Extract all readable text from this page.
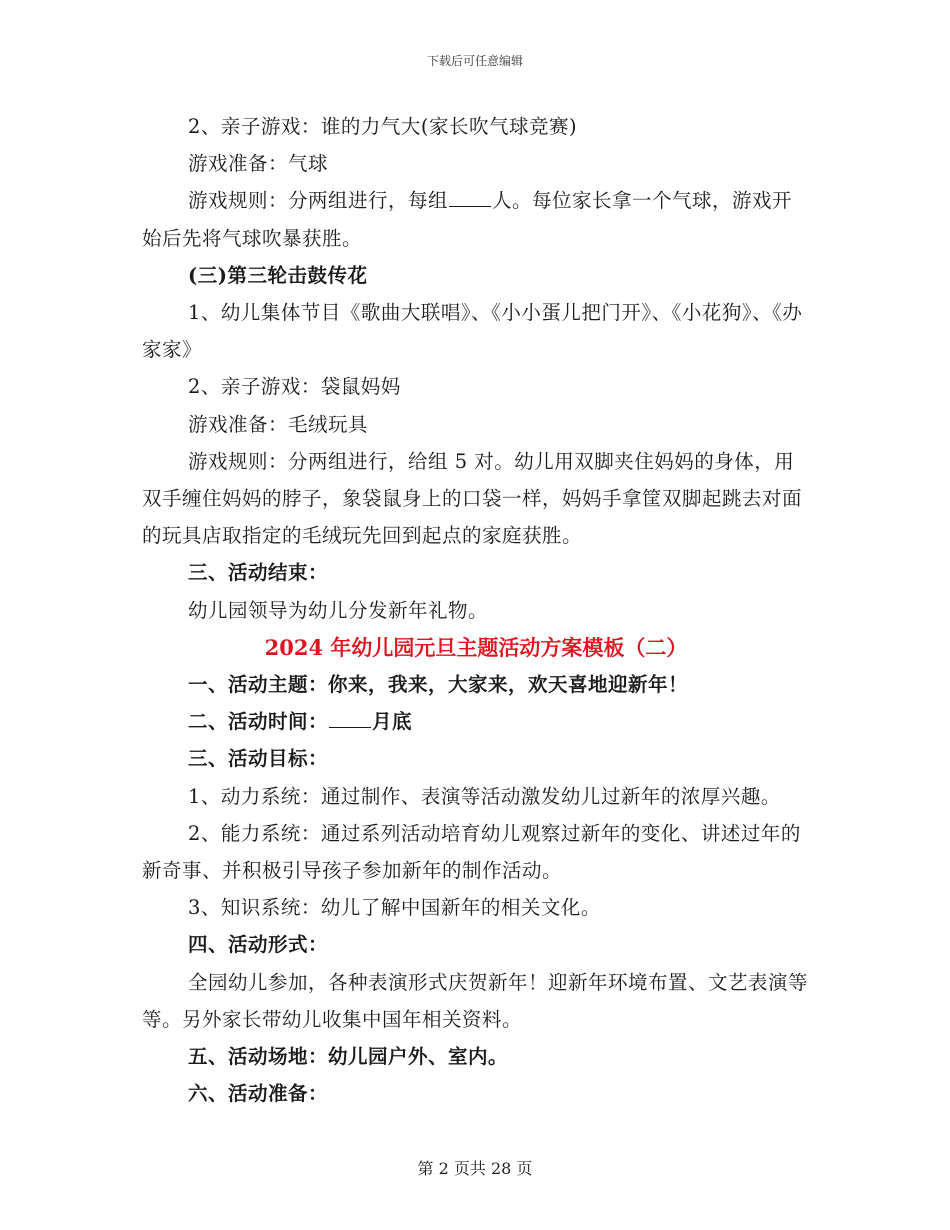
下载后可任意编辑

2、亲子游戏：谁的力气大(家长吹气球竞赛)

游戏准备：气球

游戏规则：分两组进行，每组 人。每位家长拿一个气球，游戏开始后先将气球吹暴获胜。

(三)第三轮击鼓传花

1、幼儿集体节目《歌曲大联唱》、《小小蛋儿把门开》、《小花狗》、《办家家》

2、亲子游戏：袋鼠妈妈

游戏准备：毛绒玩具

游戏规则：分两组进行，给组 5 对。幼儿用双脚夹住妈妈的身体，用双手缠住妈妈的脖子，象袋鼠身上的口袋一样，妈妈手拿筐双脚起跳去对面的玩具店取指定的毛绒玩先回到起点的家庭获胜。

三、活动结束：

幼儿园领导为幼儿分发新年礼物。

2024 年幼儿园元旦主题活动方案模板（二）

一、活动主题：你来，我来，大家来，欢天喜地迎新年！

二、活动时间： 月底

三、活动目标：

1、动力系统：通过制作、表演等活动激发幼儿过新年的浓厚兴趣。

2、能力系统：通过系列活动培育幼儿观察过新年的变化、讲述过年的新奇事、并积极引导孩子参加新年的制作活动。

3、知识系统：幼儿了解中国新年的相关文化。

四、活动形式：

全园幼儿参加，各种表演形式庆贺新年！迎新年环境布置、文艺表演等等。另外家长带幼儿收集中国年相关资料。

五、活动场地：幼儿园户外、室内。

六、活动准备：

第 2 页共 28 页
